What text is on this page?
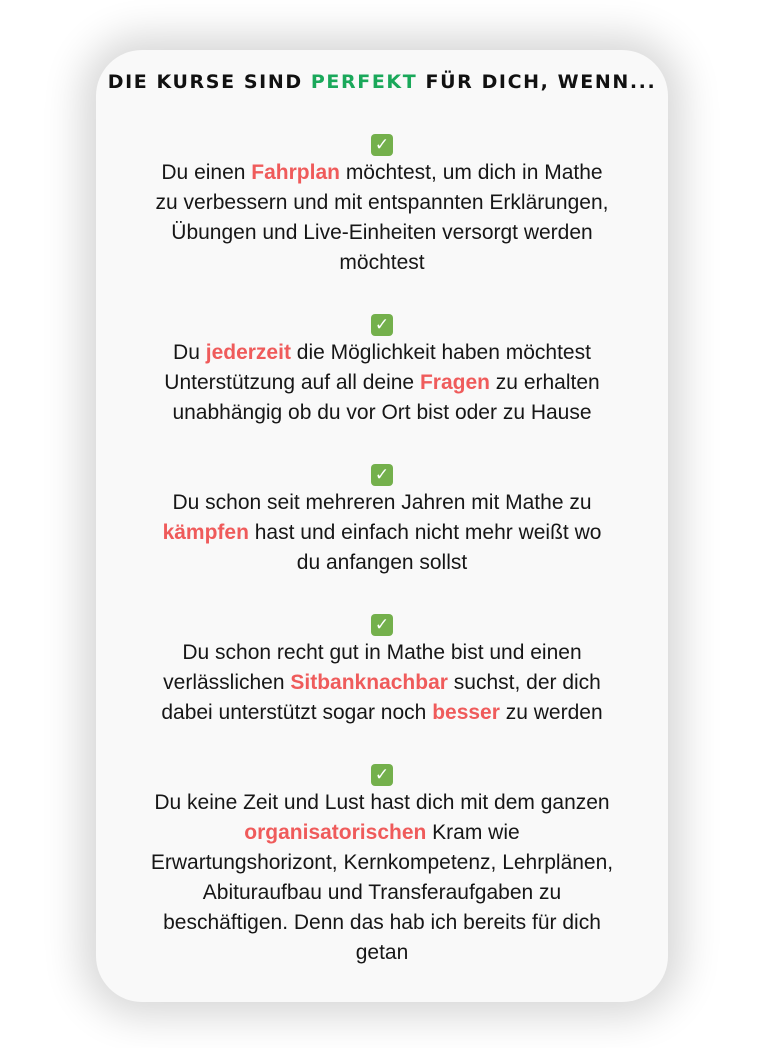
DIE KURSE SIND PERFEKT FÜR DICH, WENN...
✓
Du einen Fahrplan möchtest, um dich in Mathe
zu verbessern und mit entspannten Erklärungen,
Übungen und Live-Einheiten versorgt werden
möchtest
✓
Du jederzeit die Möglichkeit haben möchtest
Unterstützung auf all deine Fragen zu erhalten
unabhängig ob du vor Ort bist oder zu Hause
✓
Du schon seit mehreren Jahren mit Mathe zu
kämpfen hast und einfach nicht mehr weißt wo
du anfangen sollst
✓
Du schon recht gut in Mathe bist und einen
verlässlichen Sitbanknachbar suchst, der dich
dabei unterstützt sogar noch besser zu werden
✓
Du keine Zeit und Lust hast dich mit dem ganzen
organisatorischen Kram wie
Erwartungshorizont, Kernkompetenz, Lehrplänen,
Abituraufbau und Transferaufgaben zu
beschäftigen. Denn das hab ich bereits für dich
getan
